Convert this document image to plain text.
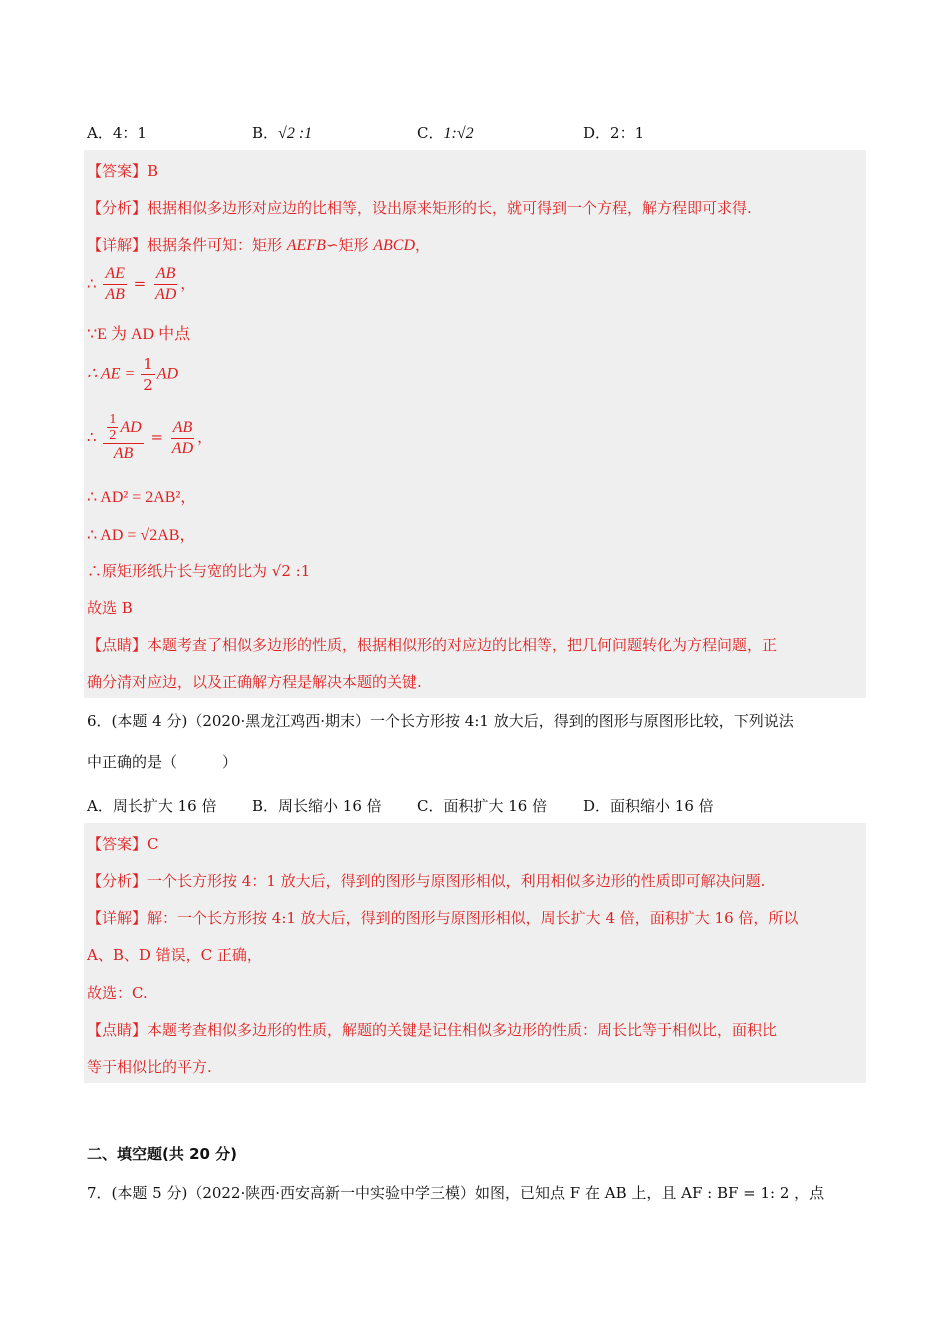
A．4：1	B．√2 :1	C．1:√2	D．2：1
【答案】B
【分析】根据相似多边形对应边的比相等，设出原来矩形的长，就可得到一个方程，解方程即可求得.
【详解】根据条件可知：矩形 AEFB∽矩形 ABCD，
∴ $\frac{AE}{AB} = \frac{AB}{AD}$ ，
∵E 为 AD 中点
∴ AE = $\frac{1}{2}$ AD
∴ $\frac{\frac{1}{2} AD}{AB} = \frac{AB}{AD}$ ，
∴ AD² = 2AB²，
∴ AD = √2AB，
∴原矩形纸片长与宽的比为 √2 :1
故选 B
【点睛】本题考查了相似多边形的性质，根据相似形的对应边的比相等，把几何问题转化为方程问题，正
确分清对应边，以及正确解方程是解决本题的关键.
6．(本题 4 分)（2020·黑龙江鸡西·期末）一个长方形按 4:1 放大后，得到的图形与原图形比较，下列说法
中正确的是（　　　）
A．周长扩大 16 倍 B．周长缩小 16 倍 C．面积扩大 16 倍 D．面积缩小 16 倍
【答案】C
【分析】一个长方形按 4：1 放大后，得到的图形与原图形相似，利用相似多边形的性质即可解决问题.
【详解】解：一个长方形按 4:1 放大后，得到的图形与原图形相似，周长扩大 4 倍，面积扩大 16 倍，所以
A、B、D 错误，C 正确，
故选：C.
【点睛】本题考查相似多边形的性质，解题的关键是记住相似多边形的性质：周长比等于相似比，面积比
等于相似比的平方.
二、填空题(共 20 分)
7．(本题 5 分)（2022·陕西·西安高新一中实验中学三模）如图，已知点 F 在 AB 上，且 AF : BF = 1: 2 ，点
